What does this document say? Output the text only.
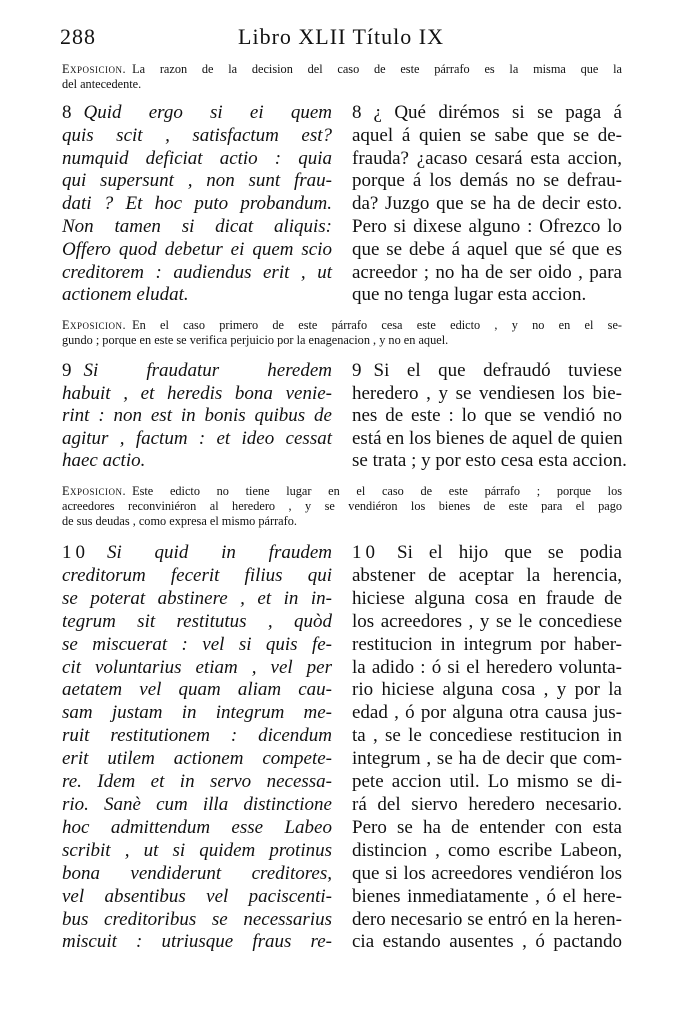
288	Libro XLII Título IX
Exposicion. La razon de la decision del caso de este párrafo es la misma que la
del antecedente.
8 Quid ergo si ei quem
quis scit , satisfactum est?
numquid deficiat actio : quia
qui supersunt , non sunt frau-
dati ? Et hoc puto probandum.
Non tamen si dicat aliquis:
Offero quod debetur ei quem scio
creditorem : audiendus erit , ut
actionem eludat.
8 ¿ Qué dirémos si se paga á
aquel á quien se sabe que se de-
frauda? ¿acaso cesará esta accion,
porque á los demás no se defrau-
da? Juzgo que se ha de decir esto.
Pero si dixese alguno : Ofrezco lo
que se debe á aquel que sé que es
acreedor ; no ha de ser oido , para
que no tenga lugar esta accion.
Exposicion. En el caso primero de este párrafo cesa este edicto , y no en el se-
gundo ; porque en este se verifica perjuicio por la enagenacion , y no en aquel.
9 Si fraudatur heredem
habuit , et heredis bona venie-
rint : non est in bonis quibus de
agitur , factum : et ideo cessat
haec actio.
9 Si el que defraudó tuviese
heredero , y se vendiesen los bie-
nes de este : lo que se vendió no
está en los bienes de aquel de quien
se trata ; y por esto cesa esta accion.
Exposicion. Este edicto no tiene lugar en el caso de este párrafo ; porque los
acreedores reconviniéron al heredero , y se vendiéron los bienes de este para el pago
de sus deudas , como expresa el mismo párrafo.
10 Si quid in fraudem
creditorum fecerit filius qui
se poterat abstinere , et in in-
tegrum sit restitutus , quòd
se miscuerat : vel si quis fe-
cit voluntarius etiam , vel per
aetatem vel quam aliam cau-
sam justam in integrum me-
ruit restitutionem : dicendum
erit utilem actionem compete-
re. Idem et in servo necessa-
rio. Sanè cum illa distinctione
hoc admittendum esse Labeo
scribit , ut si quidem protinus
bona vendiderunt creditores,
vel absentibus vel paciscenti-
bus creditoribus se necessarius
miscuit : utriusque fraus re-
10 Si el hijo que se podia
abstener de aceptar la herencia,
hiciese alguna cosa en fraude de
los acreedores , y se le concediese
restitucion in integrum por haber-
la adido : ó si el heredero volunta-
rio hiciese alguna cosa , y por la
edad , ó por alguna otra causa jus-
ta , se le concediese restitucion in
integrum , se ha de decir que com-
pete accion util. Lo mismo se di-
rá del siervo heredero necesario.
Pero se ha de entender con esta
distincion , como escribe Labeon,
que si los acreedores vendiéron los
bienes inmediatamente , ó el here-
dero necesario se entró en la heren-
cia estando ausentes , ó pactando
